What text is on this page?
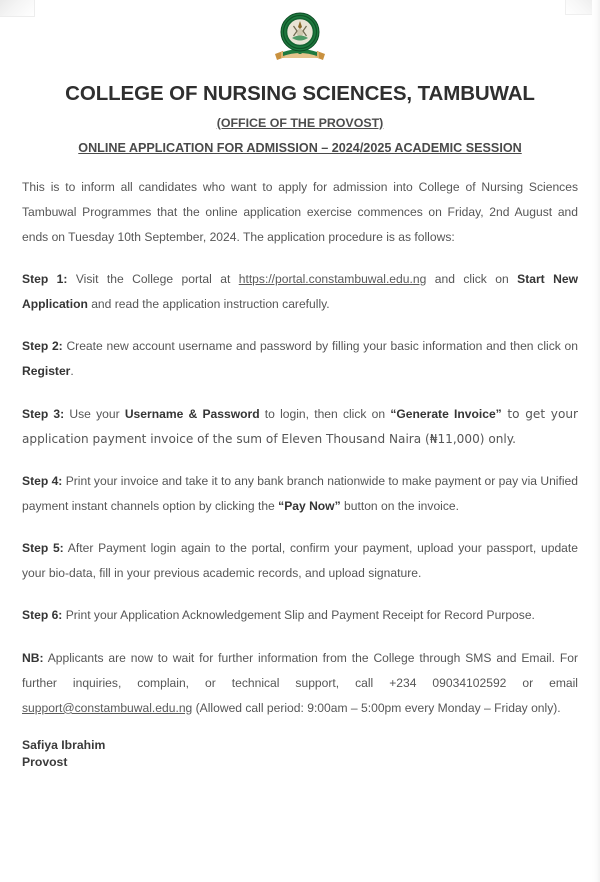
COLLEGE OF NURSING SCIENCES, TAMBUWAL
(OFFICE OF THE PROVOST)
ONLINE APPLICATION FOR ADMISSION – 2024/2025 ACADEMIC SESSION

This is to inform all candidates who want to apply for admission into College of Nursing Sciences Tambuwal Programmes that the online application exercise commences on Friday, 2nd August and ends on Tuesday 10th September, 2024. The application procedure is as follows:

Step 1: Visit the College portal at https://portal.constambuwal.edu.ng and click on Start New Application and read the application instruction carefully.

Step 2: Create new account username and password by filling your basic information and then click on Register.

Step 3: Use your Username & Password to login, then click on “Generate Invoice” to get your application payment invoice of the sum of Eleven Thousand Naira (₦11,000) only.

Step 4: Print your invoice and take it to any bank branch nationwide to make payment or pay via Unified payment instant channels option by clicking the “Pay Now” button on the invoice.

Step 5: After Payment login again to the portal, confirm your payment, upload your passport, update your bio-data, fill in your previous academic records, and upload signature.

Step 6: Print your Application Acknowledgement Slip and Payment Receipt for Record Purpose.

NB: Applicants are now to wait for further information from the College through SMS and Email. For further inquiries, complain, or technical support, call +234 09034102592 or email support@constambuwal.edu.ng (Allowed call period: 9:00am – 5:00pm every Monday – Friday only).

Safiya Ibrahim
Provost
